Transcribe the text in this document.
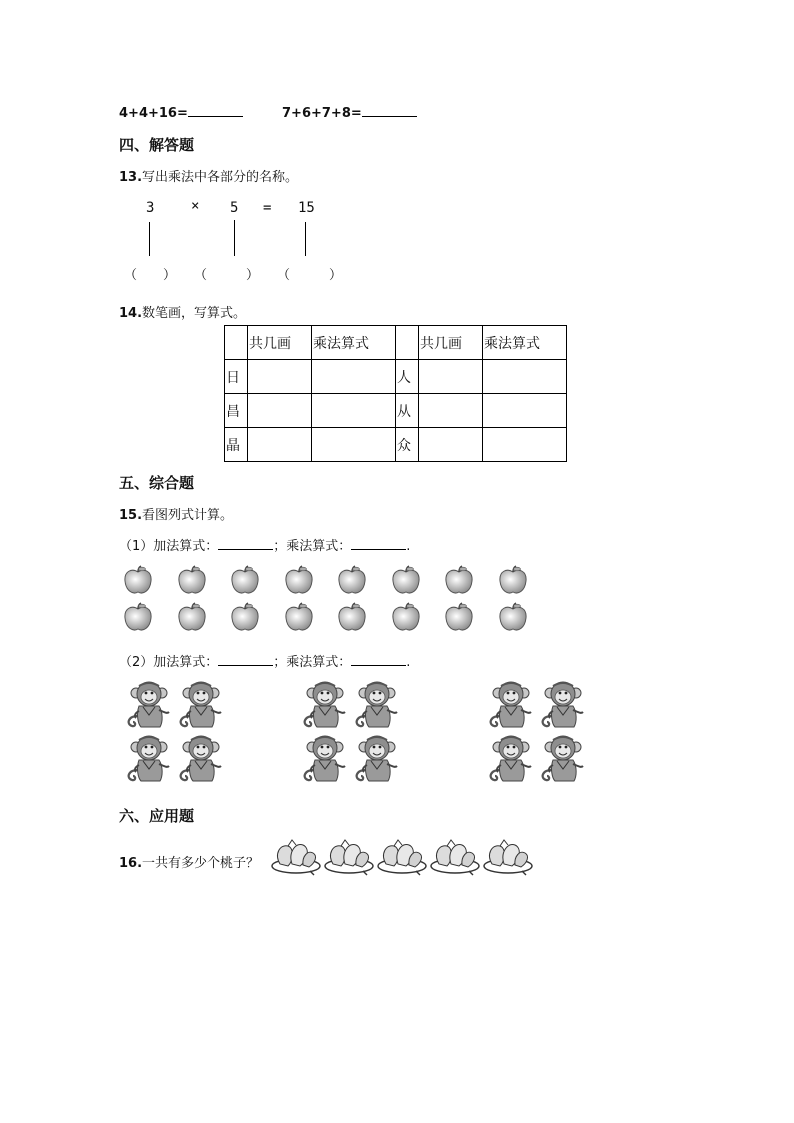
4+4+16=	7+6+7+8=
四、解答题
13.写出乘法中各部分的名称。
3	× 5 = 15
（　　） （　　　） （　　　）
14.数笔画，写算式。
	共几画	乘法算式		共几画	乘法算式
日			人		
昌			从		
晶			众		
五、综合题
15.看图列式计算。
（1）加法算式：	；乘法算式：	.
（2）加法算式：	；乘法算式：	.
六、应用题
16.一共有多少个桃子？
